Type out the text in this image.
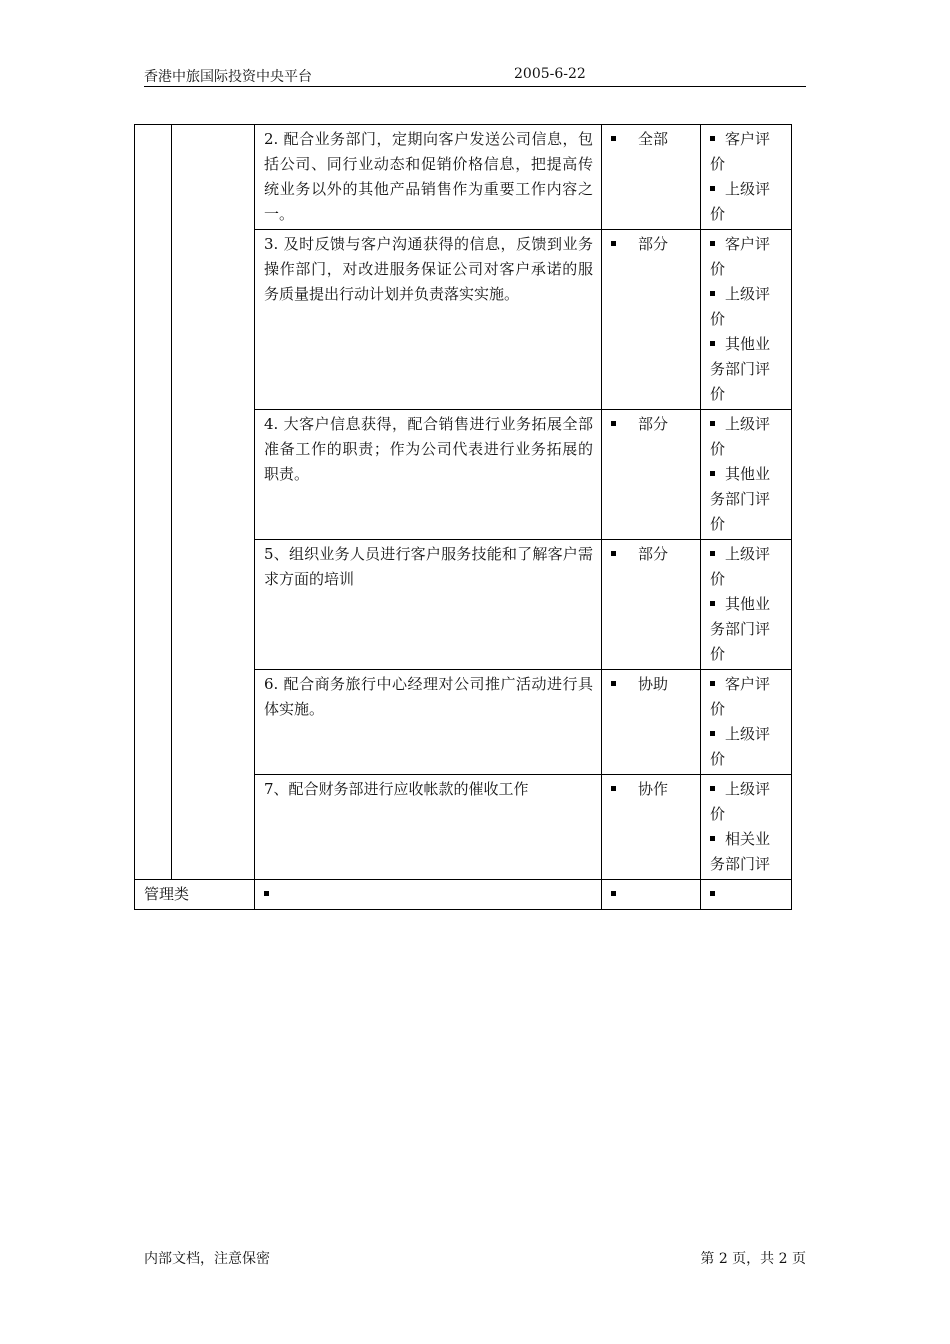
香港中旅国际投资中央平台	2005-6-22
		2. 配合业务部门，定期向客户发送公司信息，包括公司、同行业动态和促销价格信息，把提高传统业务以外的其他产品销售作为重要工作内容之一。	全部	客户评价
上级评价

		3. 及时反馈与客户沟通获得的信息，反馈到业务操作部门，对改进服务保证公司对客户承诺的服务质量提出行动计划并负责落实实施。	部分	客户评价
上级评价
其他业务部门评价

		4. 大客户信息获得，配合销售进行业务拓展全部准备工作的职责；作为公司代表进行业务拓展的职责。	部分	上级评价
其他业务部门评价

		5、组织业务人员进行客户服务技能和了解客户需求方面的培训	部分	上级评价
其他业务部门评价

		6. 配合商务旅行中心经理对公司推广活动进行具体实施。	协助	客户评价
上级评价

		7、配合财务部进行应收帐款的催收工作	协作	上级评价
相关业务部门评

管理类				
内部文档，注意保密	第 2 页，共 2 页
